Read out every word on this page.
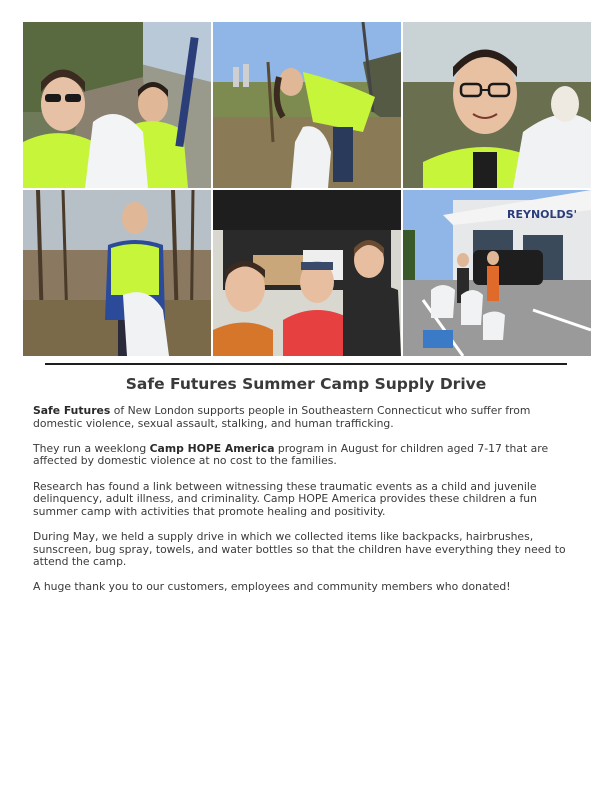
REYNOLDS'
Safe Futures Summer Camp Supply Drive

Safe Futures of New London supports people in Southeastern Connecticut who suffer from domestic violence, sexual assault, stalking, and human trafficking.

They run a weeklong Camp HOPE America program in August for children aged 7-17 that are affected by domestic violence at no cost to the families.

Research has found a link between witnessing these traumatic events as a child and juvenile delinquency, adult illness, and criminality. Camp HOPE America provides these children a fun summer camp with activities that promote healing and positivity.

During May, we held a supply drive in which we collected items like backpacks, hairbrushes, sunscreen, bug spray, towels, and water bottles so that the children have everything they need to attend the camp.

A huge thank you to our customers, employees and community members who donated!
